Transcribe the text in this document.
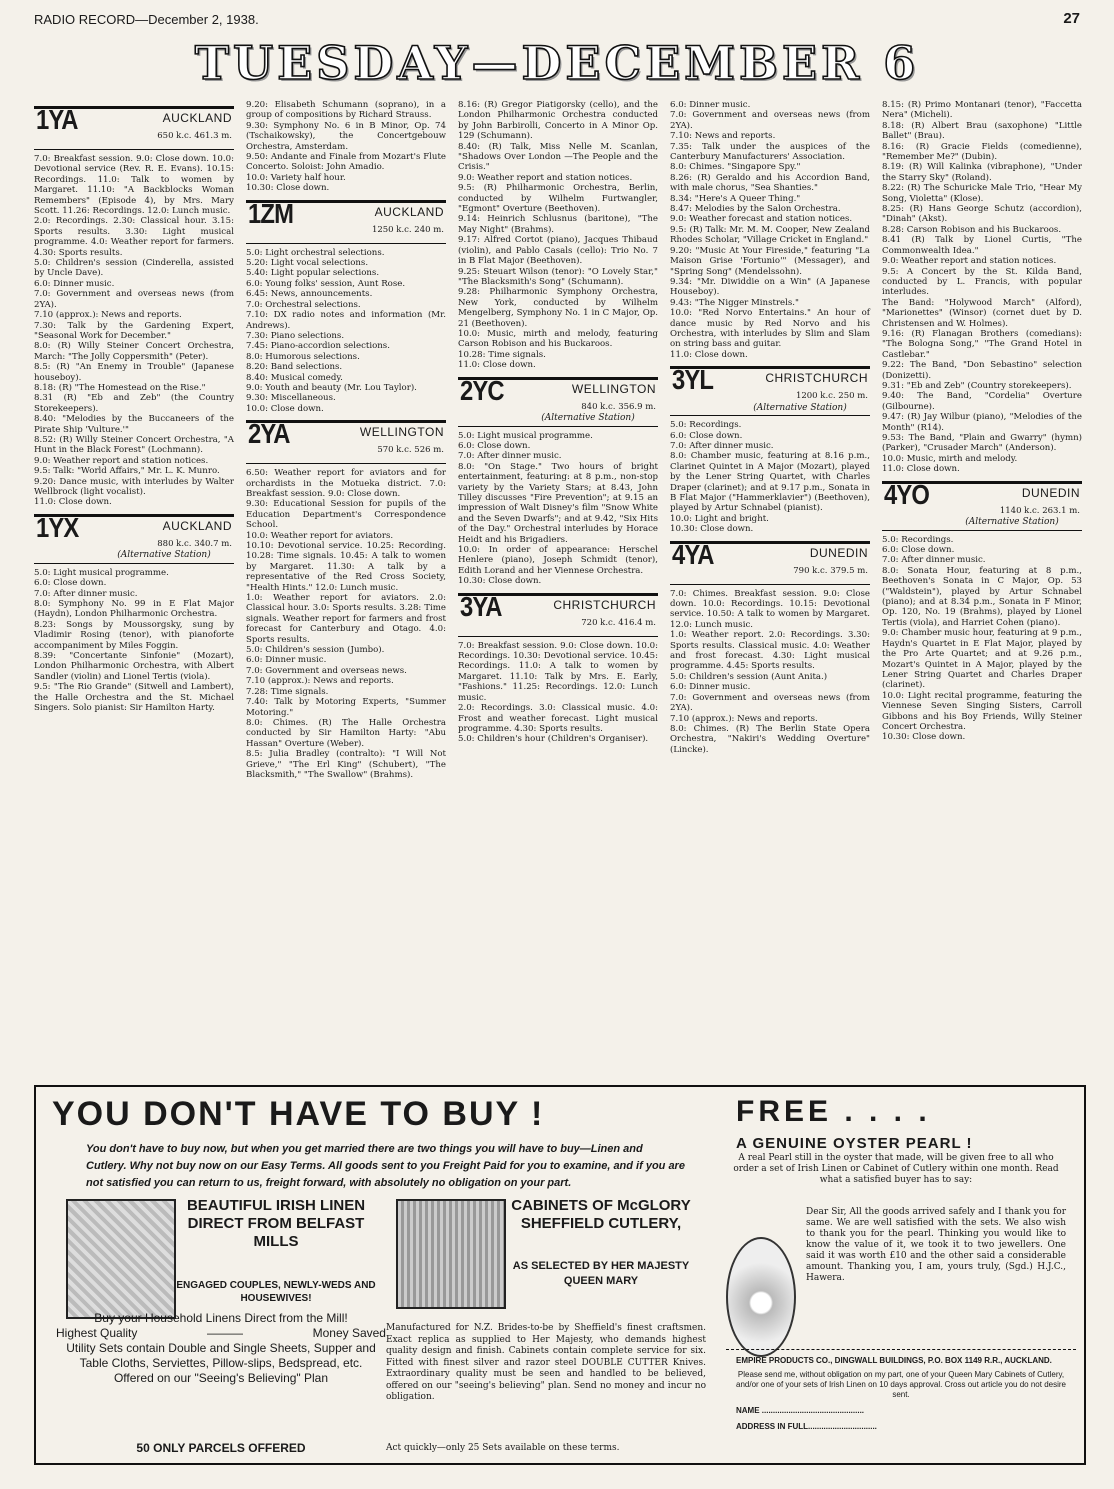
RADIO RECORD—December 2, 1938.	27
TUESDAY—DECEMBER 6
1YA	AUCKLAND
650 k.c. 461.3 m.

7.0: Breakfast session. 9.0: Close down. 10.0: Devotional service (Rev. R. E. Evans). 10.15: Recordings. 11.0: Talk to women by Margaret. 11.10: "A Backblocks Woman Remembers" (Episode 4), by Mrs. Mary Scott. 11.26: Recordings. 12.0: Lunch music.

2.0: Recordings. 2.30: Classical hour. 3.15: Sports results. 3.30: Light musical programme. 4.0: Weather report for farmers. 4.30: Sports results.

5.0: Children's session (Cinderella, assisted by Uncle Dave).

6.0: Dinner music.

7.0: Government and overseas news (from 2YA).

7.10 (approx.): News and reports.

7.30: Talk by the Gardening Expert, "Seasonal Work for December."

8.0: (R) Willy Steiner Concert Orchestra, March: "The Jolly Coppersmith" (Peter).

8.5: (R) "An Enemy in Trouble" (Japanese houseboy).

8.18: (R) "The Homestead on the Rise."

8.31 (R) "Eb and Zeb" (the Country Storekeepers).

8.40: "Melodies by the Buccaneers of the Pirate Ship 'Vulture.'"

8.52: (R) Willy Steiner Concert Orchestra, "A Hunt in the Black Forest" (Lochmann).

9.0: Weather report and station notices.

9.5: Talk: "World Affairs," Mr. L. K. Munro.

9.20: Dance music, with interludes by Walter Wellbrock (light vocalist).

11.0: Close down.

1YX	AUCKLAND
880 k.c. 340.7 m.
(Alternative Station)

5.0: Light musical programme.

6.0: Close down.

7.0: After dinner music.

8.0: Symphony No. 99 in E Flat Major (Haydn), London Philharmonic Orchestra.

8.23: Songs by Moussorgsky, sung by Vladimir Rosing (tenor), with pianoforte accompaniment by Miles Foggin.

8.39: "Concertante Sinfonie" (Mozart), London Philharmonic Orchestra, with Albert Sandler (violin) and Lionel Tertis (viola).

9.5: "The Rio Grande" (Sitwell and Lambert), the Halle Orchestra and the St. Michael Singers. Solo pianist: Sir Hamilton Harty.

9.20: Elisabeth Schumann (soprano), in a group of compositions by Richard Strauss.

9.30: Symphony No. 6 in B Minor, Op. 74 (Tschaikowsky), the Concertgebouw Orchestra, Amsterdam.

9.50: Andante and Finale from Mozart's Flute Concerto. Soloist: John Amadio.

10.0: Variety half hour.

10.30: Close down.

1ZM	AUCKLAND
1250 k.c. 240 m.

5.0: Light orchestral selections.

5.20: Light vocal selections.

5.40: Light popular selections.

6.0: Young folks' session, Aunt Rose.

6.45: News, announcements.

7.0: Orchestral selections.

7.10: DX radio notes and information (Mr. Andrews).

7.30: Piano selections.

7.45: Piano-accordion selections.

8.0: Humorous selections.

8.20: Band selections.

8.40: Musical comedy.

9.0: Youth and beauty (Mr. Lou Taylor).

9.30: Miscellaneous.

10.0: Close down.

2YA	WELLINGTON
570 k.c. 526 m.

6.50: Weather report for aviators and for orchardists in the Motueka district. 7.0: Breakfast session. 9.0: Close down.

9.30: Educational Session for pupils of the Education Department's Correspondence School.

10.0: Weather report for aviators.

10.10: Devotional service. 10.25: Recording. 10.28: Time signals. 10.45: A talk to women by Margaret. 11.30: A talk by a representative of the Red Cross Society, "Health Hints." 12.0: Lunch music.

1.0: Weather report for aviators. 2.0: Classical hour. 3.0: Sports results. 3.28: Time signals. Weather report for farmers and frost forecast for Canterbury and Otago. 4.0: Sports results.

5.0: Children's session (Jumbo).

6.0: Dinner music.

7.0: Government and overseas news.

7.10 (approx.): News and reports.

7.28: Time signals.

7.40: Talk by Motoring Experts, "Summer Motoring."

8.0: Chimes. (R) The Halle Orchestra conducted by Sir Hamilton Harty: "Abu Hassan" Overture (Weber).

8.5: Julia Bradley (contralto): "I Will Not Grieve," "The Erl King" (Schubert), "The Blacksmith," "The Swallow" (Brahms).

8.16: (R) Gregor Piatigorsky (cello), and the London Philharmonic Orchestra conducted by John Barbirolli, Concerto in A Minor Op. 129 (Schumann).

8.40: (R) Talk, Miss Nelle M. Scanlan, "Shadows Over London —The People and the Crisis."

9.0: Weather report and station notices.

9.5: (R) Philharmonic Orchestra, Berlin, conducted by Wilhelm Furtwangler, "Egmont" Overture (Beethoven).

9.14: Heinrich Schlusnus (baritone), "The May Night" (Brahms).

9.17: Alfred Cortot (piano), Jacques Thibaud (violin), and Pablo Casals (cello): Trio No. 7 in B Flat Major (Beethoven).

9.25: Steuart Wilson (tenor): "O Lovely Star," "The Blacksmith's Song" (Schumann).

9.28: Philharmonic Symphony Orchestra, New York, conducted by Wilhelm Mengelberg, Symphony No. 1 in C Major, Op. 21 (Beethoven).

10.0: Music, mirth and melody, featuring Carson Robison and his Buckaroos.

10.28: Time signals.

11.0: Close down.

2YC	WELLINGTON
840 k.c. 356.9 m.
(Alternative Station)

5.0: Light musical programme.

6.0: Close down.

7.0: After dinner music.

8.0: "On Stage." Two hours of bright entertainment, featuring: at 8 p.m., non-stop variety by the Variety Stars; at 8.43, John Tilley discusses "Fire Prevention"; at 9.15 an impression of Walt Disney's film "Snow White and the Seven Dwarfs"; and at 9.42, "Six Hits of the Day." Orchestral interludes by Horace Heidt and his Brigadiers.

10.0: In order of appearance: Herschel Henlere (piano), Joseph Schmidt (tenor), Edith Lorand and her Viennese Orchestra.

10.30: Close down.

3YA	CHRISTCHURCH
720 k.c. 416.4 m.

7.0: Breakfast session. 9.0: Close down. 10.0: Recordings. 10.30: Devotional service. 10.45: Recordings. 11.0: A talk to women by Margaret. 11.10: Talk by Mrs. E. Early, "Fashions." 11.25: Recordings. 12.0: Lunch music.

2.0: Recordings. 3.0: Classical music. 4.0: Frost and weather forecast. Light musical programme. 4.30: Sports results.

5.0: Children's hour (Children's Organiser).

6.0: Dinner music.

7.0: Government and overseas news (from 2YA).

7.10: News and reports.

7.35: Talk under the auspices of the Canterbury Manufacturers' Association.

8.0: Chimes. "Singapore Spy."

8.26: (R) Geraldo and his Accordion Band, with male chorus, "Sea Shanties."

8.34: "Here's A Queer Thing."

8.47: Melodies by the Salon Orchestra.

9.0: Weather forecast and station notices.

9.5: (R) Talk: Mr. M. M. Cooper, New Zealand Rhodes Scholar, "Village Cricket in England."

9.20: "Music At Your Fireside," featuring "La Maison Grise 'Fortunio'" (Messager), and "Spring Song" (Mendelssohn).

9.34: "Mr. Diwiddie on a Win" (A Japanese Houseboy).

9.43: "The Nigger Minstrels."

10.0: "Red Norvo Entertains." An hour of dance music by Red Norvo and his Orchestra, with interludes by Slim and Slam on string bass and guitar.

11.0: Close down.

3YL	CHRISTCHURCH
1200 k.c. 250 m.
(Alternative Station)

5.0: Recordings.

6.0: Close down.

7.0: After dinner music.

8.0: Chamber music, featuring at 8.16 p.m., Clarinet Quintet in A Major (Mozart), played by the Lener String Quartet, with Charles Draper (clarinet); and at 9.17 p.m., Sonata in B Flat Major ("Hammerklavier") (Beethoven), played by Artur Schnabel (pianist).

10.0: Light and bright.

10.30: Close down.

4YA	DUNEDIN
790 k.c. 379.5 m.

7.0: Chimes. Breakfast session. 9.0: Close down. 10.0: Recordings. 10.15: Devotional service. 10.50: A talk to women by Margaret. 12.0: Lunch music.

1.0: Weather report. 2.0: Recordings. 3.30: Sports results. Classical music. 4.0: Weather and frost forecast. 4.30: Light musical programme. 4.45: Sports results.

5.0: Children's session (Aunt Anita.)

6.0: Dinner music.

7.0: Government and overseas news (from 2YA).

7.10 (approx.): News and reports.

8.0: Chimes. (R) The Berlin State Opera Orchestra, "Nakiri's Wedding Overture" (Lincke).

8.15: (R) Primo Montanari (tenor), "Faccetta Nera" (Micheli).

8.18: (R) Albert Brau (saxophone) "Little Ballet" (Brau).

8.16: (R) Gracie Fields (comedienne), "Remember Me?" (Dubin).

8.19: (R) Will Kalinka (vibraphone), "Under the Starry Sky" (Roland).

8.22: (R) The Schuricke Male Trio, "Hear My Song, Violetta" (Klose).

8.25: (R) Hans George Schutz (accordion), "Dinah" (Akst).

8.28: Carson Robison and his Buckaroos.

8.41 (R) Talk by Lionel Curtis, "The Commonwealth Idea."

9.0: Weather report and station notices.

9.5: A Concert by the St. Kilda Band, conducted by L. Francis, with popular interludes.

The Band: "Holywood March" (Alford), "Marionettes" (Winsor) (cornet duet by D. Christensen and W. Holmes).

9.16: (R) Flanagan Brothers (comedians): "The Bologna Song," "The Grand Hotel in Castlebar."

9.22: The Band, "Don Sebastino" selection (Donizetti).

9.31: "Eb and Zeb" (Country storekeepers).

9.40: The Band, "Cordelia" Overture (Gilbourne).

9.47: (R) Jay Wilbur (piano), "Melodies of the Month" (R14).

9.53: The Band, "Plain and Gwarry" (hymn) (Parker), "Crusader March" (Anderson).

10.0: Music, mirth and melody.

11.0: Close down.

4YO	DUNEDIN
1140 k.c. 263.1 m.
(Alternative Station)

5.0: Recordings.

6.0: Close down.

7.0: After dinner music.

8.0: Sonata Hour, featuring at 8 p.m., Beethoven's Sonata in C Major, Op. 53 ("Waldstein"), played by Artur Schnabel (piano); and at 8.34 p.m., Sonata in F Minor, Op. 120, No. 19 (Brahms), played by Lionel Tertis (viola), and Harriet Cohen (piano).

9.0: Chamber music hour, featuring at 9 p.m., Haydn's Quartet in E Flat Major, played by the Pro Arte Quartet; and at 9.26 p.m., Mozart's Quintet in A Major, played by the Lener String Quartet and Charles Draper (clarinet).

10.0: Light recital programme, featuring the Viennese Seven Singing Sisters, Carroll Gibbons and his Boy Friends, Willy Steiner Concert Orchestra.

10.30: Close down.

YOU DON'T HAVE TO BUY !	FREE . . . .
A GENUINE OYSTER PEARL !
You don't have to buy now, but when you get married there are two things you will have to buy—Linen and Cutlery. Why not buy now on our Easy Terms. All goods sent to you Freight Paid for you to examine, and if you are not satisfied you can return to us, freight forward, with absolutely no obligation on your part.
BEAUTIFUL IRISH LINEN DIRECT FROM BELFAST MILLS
ENGAGED COUPLES, NEWLY-WEDS AND HOUSEWIVES!
Buy your Household Linens Direct from the Mill!
Highest Quality	———	Money Saved
Utility Sets contain Double and Single Sheets, Supper and Table Cloths, Serviettes, Pillow-slips, Bedspread, etc.
Offered on our "Seeing's Believing" Plan
50 ONLY PARCELS OFFERED
CABINETS OF McGLORY SHEFFIELD CUTLERY,
AS SELECTED BY HER MAJESTY QUEEN MARY
Manufactured for N.Z. Brides-to-be by Sheffield's finest craftsmen. Exact replica as supplied to Her Majesty, who demands highest quality design and finish. Cabinets contain complete service for six. Fitted with finest silver and razor steel DOUBLE CUTTER Knives. Extraordinary quality must be seen and handled to be believed, offered on our "seeing's believing" plan. Send no money and incur no obligation.
Act quickly—only 25 Sets available on these terms.
A real Pearl still in the oyster that made, will be given free to all who order a set of Irish Linen or Cabinet of Cutlery within one month. Read what a satisfied buyer has to say:
Dear Sir, All the goods arrived safely and I thank you for same. We are well satisfied with the sets. We also wish to thank you for the pearl. Thinking you would like to know the value of it, we took it to two jewellers. One said it was worth £10 and the other said a considerable amount. Thanking you, I am, yours truly, (Sgd.) H.J.C., Hawera.
EMPIRE PRODUCTS CO., DINGWALL BUILDINGS, P.O. BOX 1149 R.R., AUCKLAND.
Please send me, without obligation on my part, one of your Queen Mary Cabinets of Cutlery, and/or one of your sets of Irish Linen on 10 days approval. Cross out article you do not desire sent.
NAME ..............................................
ADDRESS IN FULL...............................
